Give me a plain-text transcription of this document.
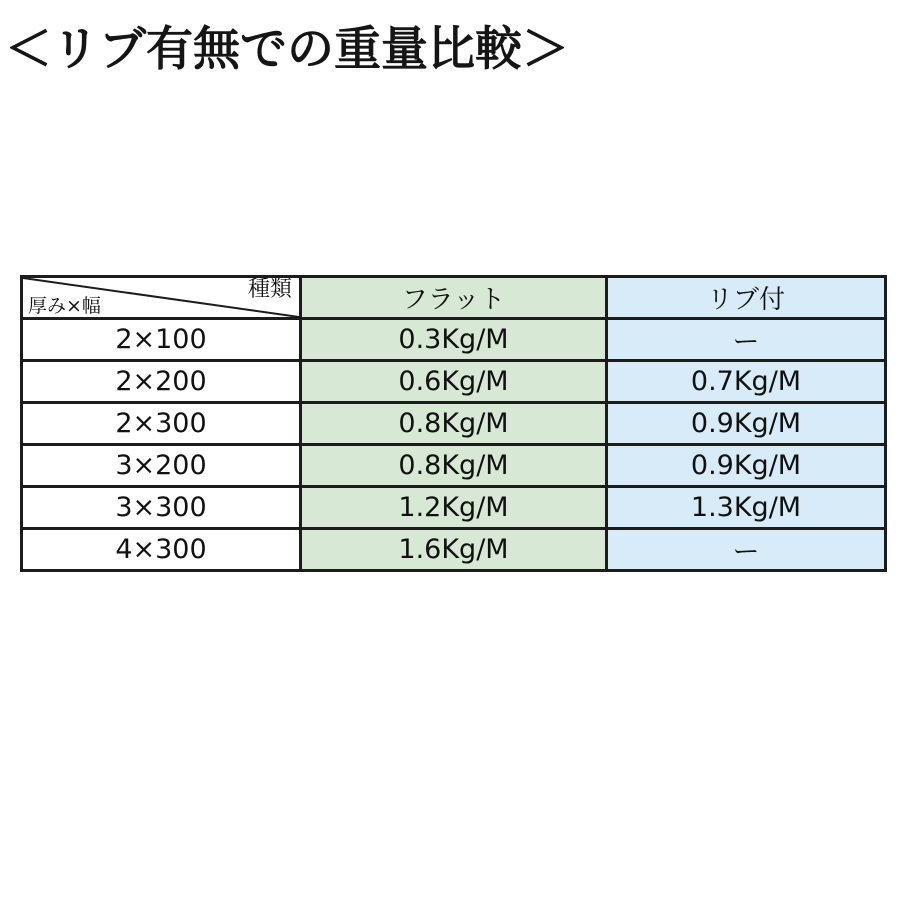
＜リブ有無での重量比較＞
種類
厚み×幅	フラット	リブ付
2×100	0.3Kg/M	ー
2×200	0.6Kg/M	0.7Kg/M
2×300	0.8Kg/M	0.9Kg/M
3×200	0.8Kg/M	0.9Kg/M
3×300	1.2Kg/M	1.3Kg/M
4×300	1.6Kg/M	ー
